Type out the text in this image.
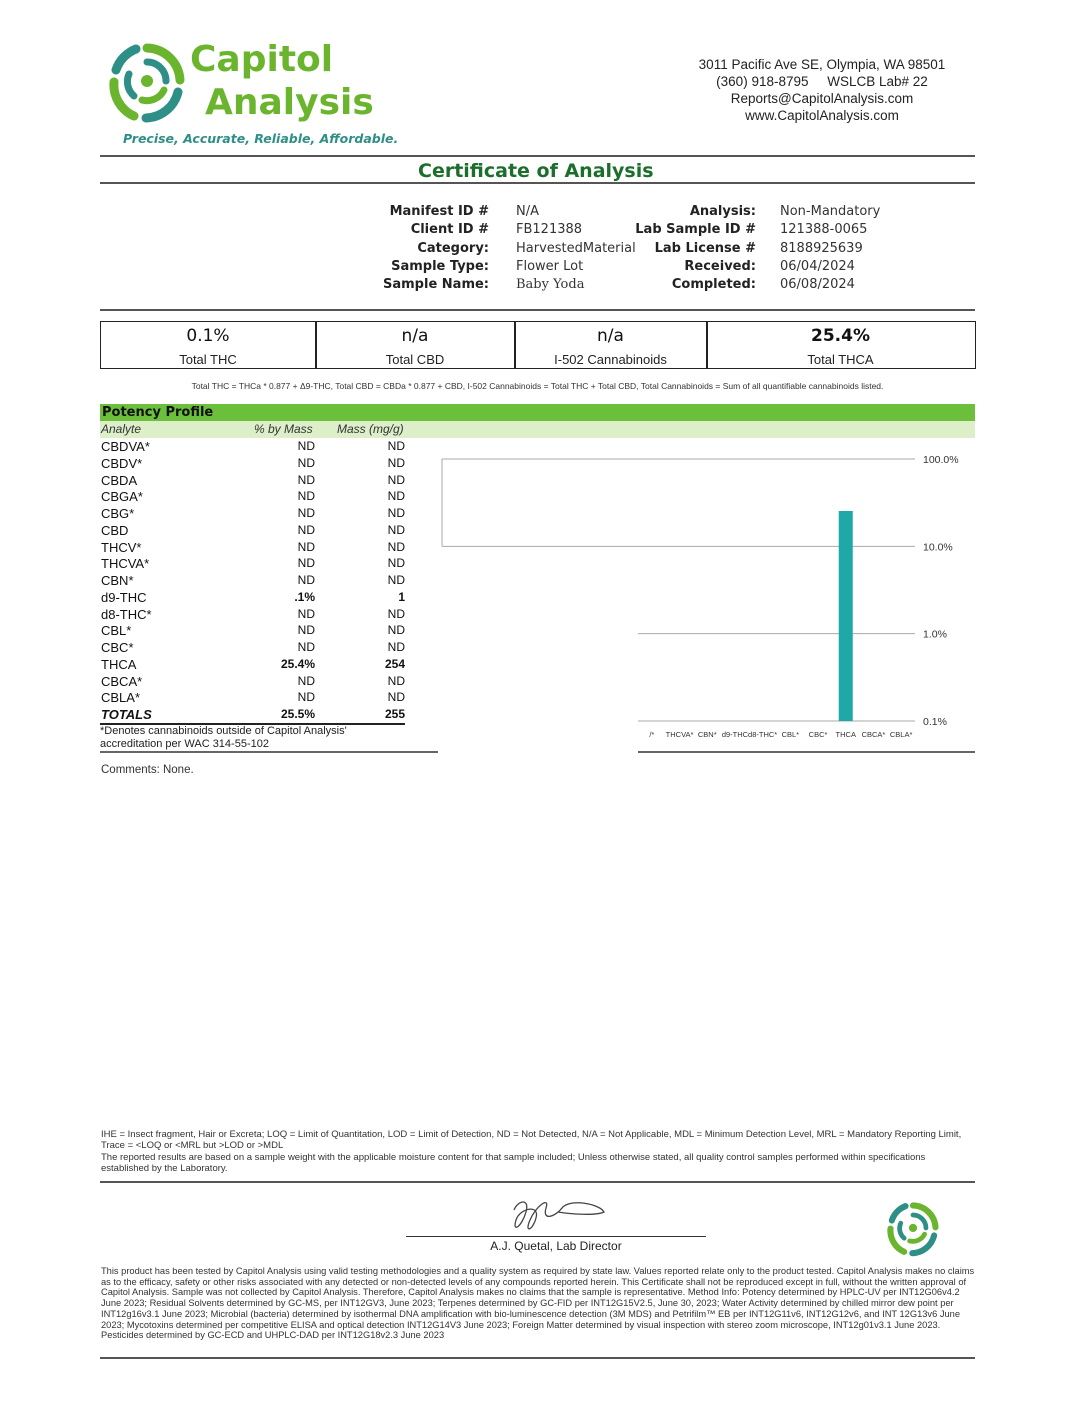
Capitol
Analysis
Precise, Accurate, Reliable, Affordable.
3011 Pacific Ave SE, Olympia, WA 98501
(360) 918-8795     WSLCB Lab# 22
Reports@CapitolAnalysis.com
www.CapitolAnalysis.com
Certificate of Analysis
Manifest ID # N/A
Client ID # FB121388
Category: HarvestedMaterial
Sample Type: Flower Lot
Sample Name: Baby Yoda
Analysis: Non-Mandatory
Lab Sample ID # 121388-0065
Lab License # 8188925639
Received: 06/04/2024
Completed: 06/08/2024
0.1%
Total THC
n/a
Total CBD
n/a
I-502 Cannabinoids
25.4%
Total THCA
Total THC = THCa * 0.877 + Δ9-THC, Total CBD = CBDa * 0.877 + CBD, I-502 Cannabinoids = Total THC + Total CBD, Total Cannabinoids = Sum of all quantifiable cannabinoids listed.
Potency Profile
Analyte	% by Mass Mass (mg/g)
CBDVA*	ND	ND
CBDV*	ND	ND
CBDA	ND	ND
CBGA*	ND	ND
CBG*	ND	ND
CBD	ND	ND
THCV*	ND	ND
THCVA*	ND	ND
CBN*	ND	ND
d9-THC	.1%	1
d8-THC*	ND	ND
CBL*	ND	ND
CBC*	ND	ND
THCA	25.4%	254
CBCA*	ND	ND
CBLA*	ND	ND
TOTALS	25.5%	255
*Denotes cannabinoids outside of Capitol Analysis'
accreditation per WAC 314-55-102
100.0%
10.0%
1.0%
0.1%
/* THCVA* CBN* d9-THC d8-THC* CBL* CBC* THCA CBCA* CBLA*
Comments: None.
IHE = Insect fragment, Hair or Excreta; LOQ = Limit of Quantitation, LOD = Limit of Detection, ND = Not Detected, N/A = Not Applicable, MDL = Minimum Detection Level, MRL = Mandatory Reporting Limit, Trace = <LOQ or <MRL but >LOD or >MDL
The reported results are based on a sample weight with the applicable moisture content for that sample included; Unless otherwise stated, all quality control samples performed within specifications established by the Laboratory.
A.J. Quetal, Lab Director
This product has been tested by Capitol Analysis using valid testing methodologies and a quality system as required by state law. Values reported relate only to the product tested. Capitol Analysis makes no claims as to the efficacy, safety or other risks associated with any detected or non-detected levels of any compounds reported herein. This Certificate shall not be reproduced except in full, without the written approval of Capitol Analysis. Sample was not collected by Capitol Analysis. Therefore, Capitol Analysis makes no claims that the sample is representative. Method Info: Potency determined by HPLC-UV per INT12G06v4.2 June 2023; Residual Solvents determined by GC-MS, per INT12GV3, June 2023; Terpenes determined by GC-FID per INT12G15V2.5, June 30, 2023; Water Activity determined by chilled mirror dew point per INT12g16v3.1 June 2023; Microbial (bacteria) determined by isothermal DNA amplification with bio-luminescence detection (3M MDS) and Petrifilm™ EB per INT12G11v6, INT12G12v6, and INT 12G13v6 June 2023; Mycotoxins determined per competitive ELISA and optical detection INT12G14V3 June 2023; Foreign Matter determined by visual inspection with stereo zoom microscope, INT12g01v3.1 June 2023. Pesticides determined by GC-ECD and UHPLC-DAD per INT12G18v2.3 June 2023
